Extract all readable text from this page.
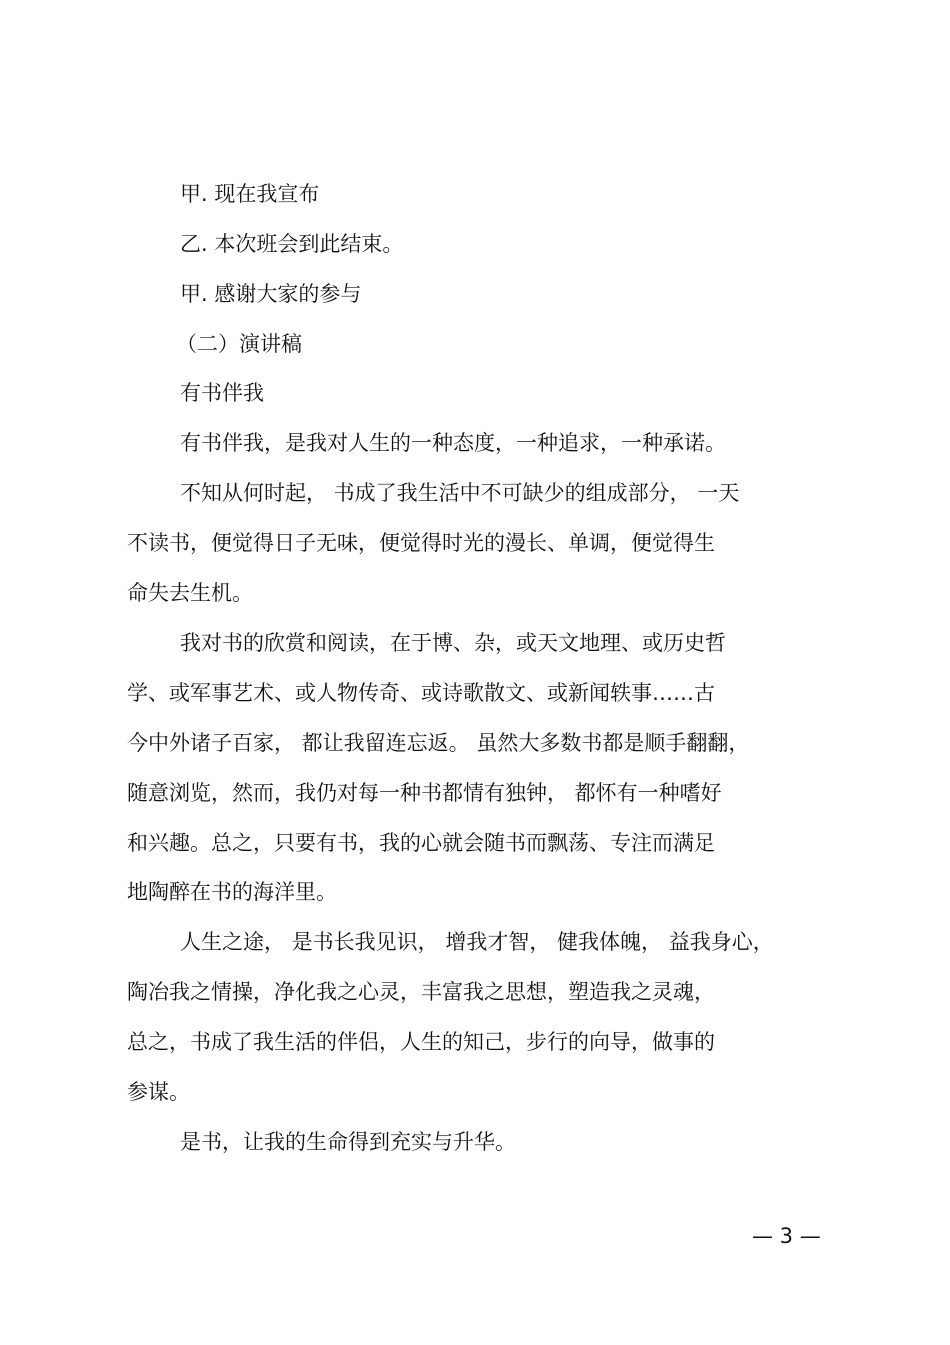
甲. 现在我宣布
乙. 本次班会到此结束。
甲. 感谢大家的参与
（二）演讲稿
有书伴我
有书伴我，是我对人生的一种态度，一种追求，一种承诺。
不知从何时起， 书成了我生活中不可缺少的组成部分， 一天
不读书，便觉得日子无味，便觉得时光的漫长、单调，便觉得生
命失去生机。
我对书的欣赏和阅读，在于博、杂，或天文地理、或历史哲
学、或军事艺术、或人物传奇、或诗歌散文、或新闻轶事……古
今中外诸子百家， 都让我留连忘返。 虽然大多数书都是顺手翻翻，
随意浏览，然而，我仍对每一种书都情有独钟， 都怀有一种嗜好
和兴趣。总之，只要有书，我的心就会随书而飘荡、专注而满足
地陶醉在书的海洋里。
人生之途， 是书长我见识， 增我才智， 健我体魄， 益我身心，
陶冶我之情操，净化我之心灵，丰富我之思想，塑造我之灵魂，
总之，书成了我生活的伴侣，人生的知己，步行的向导，做事的
参谋。
是书，让我的生命得到充实与升华。
— 3 —
